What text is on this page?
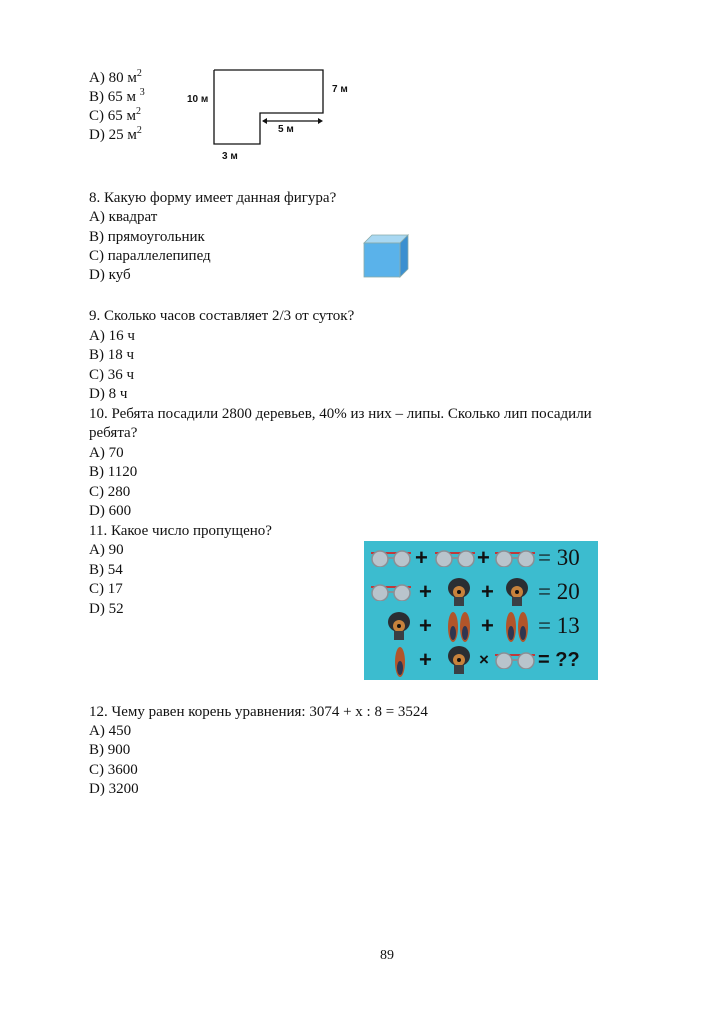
A) 80 $м^2$
B) 65 м $^3$
C) 65 $м^2$
D) 25 $м^2$
10 м
7 м
5 м
3 м
8. Какую форму имеет данная фигура?
A) квадрат
B) прямоугольник
C) параллелепипед
D) куб
9. Сколько часов составляет 2/3 от суток?
A) 16 ч
B) 18 ч
C) 36 ч
D) 8 ч
10. Ребята посадили 2800 деревьев, 40% из них – липы. Сколько лип посадили
ребята?
A) 70
B) 1120
C) 280
D) 600
11. Какое число пропущено?
A) 90
B) 54
C) 17
D) 52
+ + = 30
+ + = 20
+ + = 13
+	× = ??
12. Чему равен корень уравнения: 3074 + x : 8 = 3524
A) 450
B) 900
C) 3600
D) 3200
89
